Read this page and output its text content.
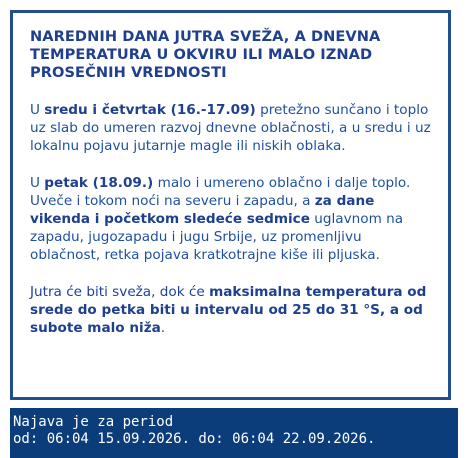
NAREDNIH DANA JUTRA SVEŽA, A DNEVNA TEMPERATURA U OKVIRU ILI MALO IZNAD PROSEČNIH VREDNOSTI

U sredu i četvrtak (16.-17.09) pretežno sunčano i toplo uz slab do umeren razvoj dnevne oblačnosti, a u sredu i uz lokalnu pojavu jutarnje magle ili niskih oblaka.

U petak (18.09.) malo i umereno oblačno i dalje toplo. Uveče i tokom noći na severu i zapadu, a za dane vikenda i početkom sledeće sedmice uglavnom na zapadu, jugozapadu i jugu Srbije, uz promenljivu oblačnost, retka pojava kratkotrajne kiše ili pljuska.

Jutra će biti sveža, dok će maksimalna temperatura od srede do petka biti u intervalu od 25 do 31 °S, a od subote malo niža.

Najava je za period
od: 06:04 15.09.2026. do: 06:04 22.09.2026.
